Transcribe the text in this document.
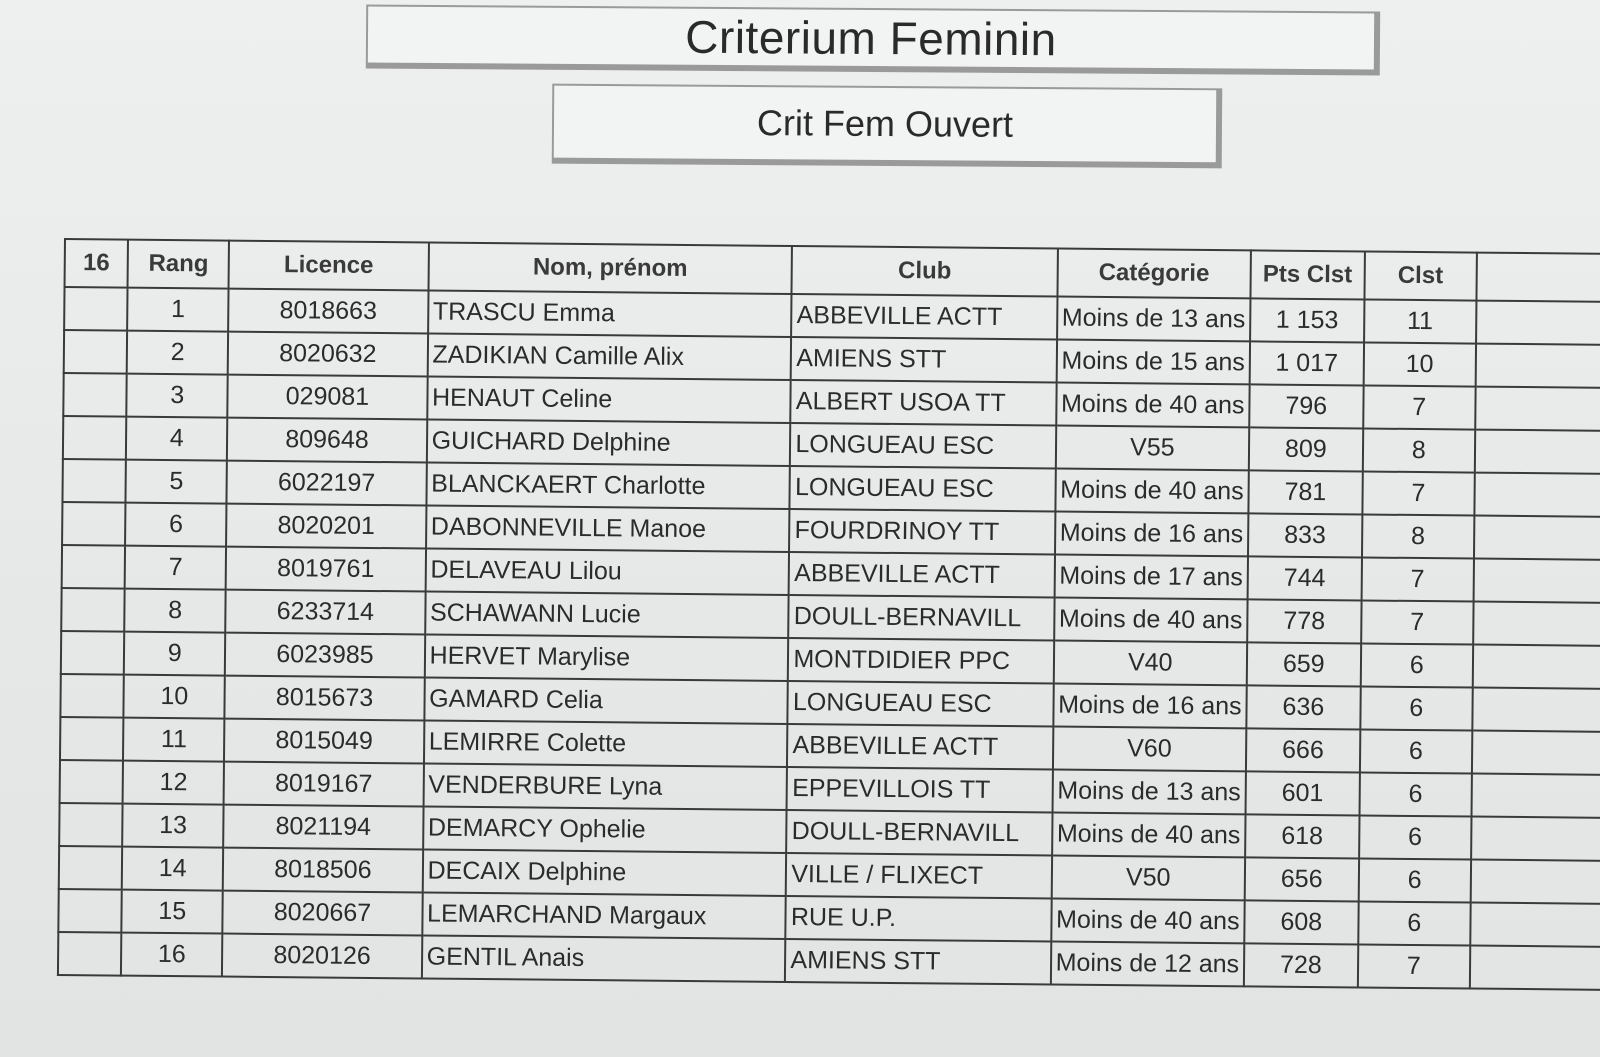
Criterium Feminin
Crit Fem Ouvert
16	Rang	Licence	Nom, prénom	Club	Catégorie	Pts Clst	Clst	
	1	8018663	TRASCU Emma	ABBEVILLE ACTT	Moins de 13 ans	1 153	11	
	2	8020632	ZADIKIAN Camille Alix	AMIENS STT	Moins de 15 ans	1 017	10	
	3	029081	HENAUT Celine	ALBERT USOA TT	Moins de 40 ans	796	7	
	4	809648	GUICHARD Delphine	LONGUEAU ESC	V55	809	8	
	5	6022197	BLANCKAERT Charlotte	LONGUEAU ESC	Moins de 40 ans	781	7	
	6	8020201	DABONNEVILLE Manoe	FOURDRINOY TT	Moins de 16 ans	833	8	
	7	8019761	DELAVEAU Lilou	ABBEVILLE ACTT	Moins de 17 ans	744	7	
	8	6233714	SCHAWANN Lucie	DOULL-BERNAVILL	Moins de 40 ans	778	7	
	9	6023985	HERVET Marylise	MONTDIDIER PPC	V40	659	6	
	10	8015673	GAMARD Celia	LONGUEAU ESC	Moins de 16 ans	636	6	
	11	8015049	LEMIRRE Colette	ABBEVILLE ACTT	V60	666	6	
	12	8019167	VENDERBURE Lyna	EPPEVILLOIS TT	Moins de 13 ans	601	6	
	13	8021194	DEMARCY Ophelie	DOULL-BERNAVILL	Moins de 40 ans	618	6	
	14	8018506	DECAIX Delphine	VILLE / FLIXECT	V50	656	6	
	15	8020667	LEMARCHAND Margaux	RUE U.P.	Moins de 40 ans	608	6	
	16	8020126	GENTIL Anais	AMIENS STT	Moins de 12 ans	728	7	
